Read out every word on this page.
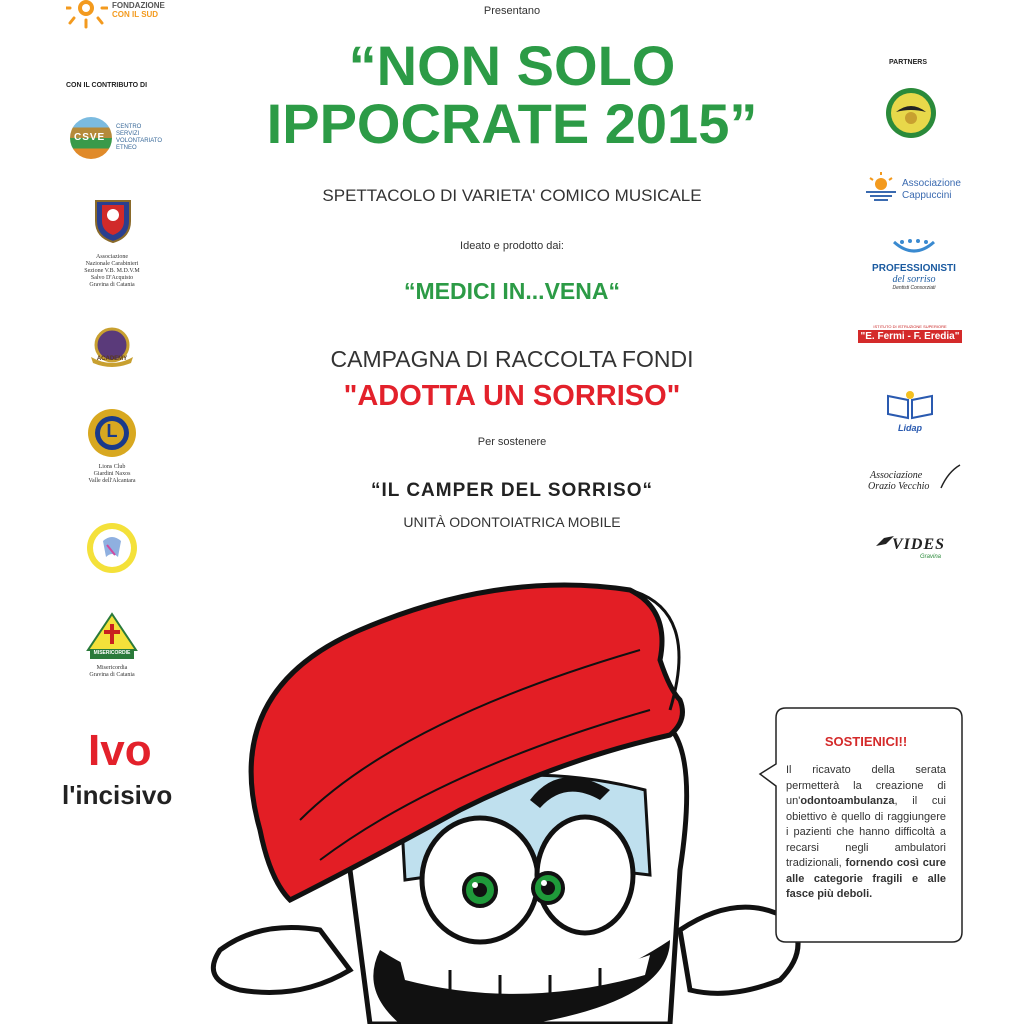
FONDAZIONE
CON IL SUD	Presentano
CON IL CONTRIBUTO DI
PARTNERS
“NON SOLO
IPPOCRATE 2015”
SPETTACOLO DI VARIETA' COMICO MUSICALE
Ideato e prodotto dai:
“MEDICI IN...VENA“
CAMPAGNA DI RACCOLTA FONDI
"ADOTTA UN SORRISO"
Per sostenere
“IL CAMPER DEL SORRISO“
UNITÀ ODONTOIATRICA MOBILE
CSVE
CENTRO
SERVIZI
VOLONTARIATO
ETNEO
Associazione
Nazionale Carabinieri
Sezione V.B. M.D.V.M
Salvo D'Acquisto
Gravina di Catania
ACADEMY
L
Lions Club
Giardini Naxos
Valle dell'Alcantara
MISERICORDIE
Misericordia
Gravina di Catania
Ivo
l'incisivo
Associazione
Cappuccini
PROFESSIONISTI
del sorriso
Dentisti Consorziati
ISTITUTO DI ISTRUZIONE SUPERIORE
"E. Fermi - F. Eredia"
Lidap
Associazione
Orazio Vecchio
VIDES
Gravina
SOSTIENICI!!
Il ricavato della serata permetterà la creazione di un'odontoambulanza, il cui obiettivo è quello di raggiungere i pazienti che hanno difficoltà a recarsi negli ambulatori tradizionali, fornendo così cure alle categorie fragili e alle fasce più deboli.
